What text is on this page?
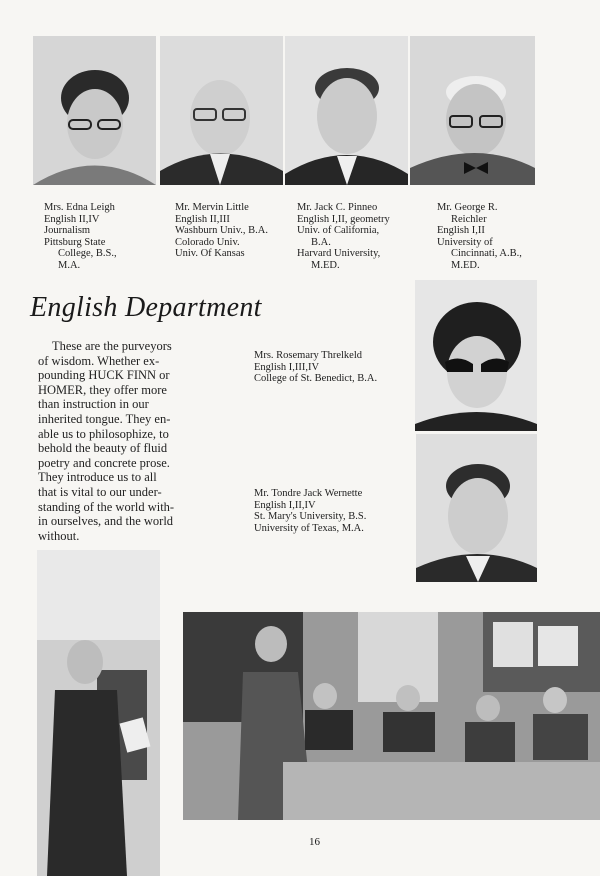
Mrs. Edna Leigh
English II,IV
Journalism
Pittsburg State
College, B.S.,
M.A.
Mr. Mervin Little
English II,III
Washburn Univ., B.A.
Colorado Univ.
Univ. Of Kansas
Mr. Jack C. Pinneo
English I,II, geometry
Univ. of California,
B.A.
Harvard University,
M.ED.
Mr. George R.
Reichler
English I,II
University of
Cincinnati, A.B.,
M.ED.
English Department
These are the purveyors
of wisdom. Whether ex-
pounding HUCK FINN or
HOMER, they offer more
than instruction in our
inherited tongue. They en-
able us to philosophize, to
behold the beauty of fluid
poetry and concrete prose.
They introduce us to all
that is vital to our under-
standing of the world with-
in ourselves, and the world
without.
Mrs. Rosemary Threlkeld
English I,III,IV
College of St. Benedict, B.A.
Mr. Tondre Jack Wernette
English I,II,IV
St. Mary's University, B.S.
University of Texas, M.A.
16
